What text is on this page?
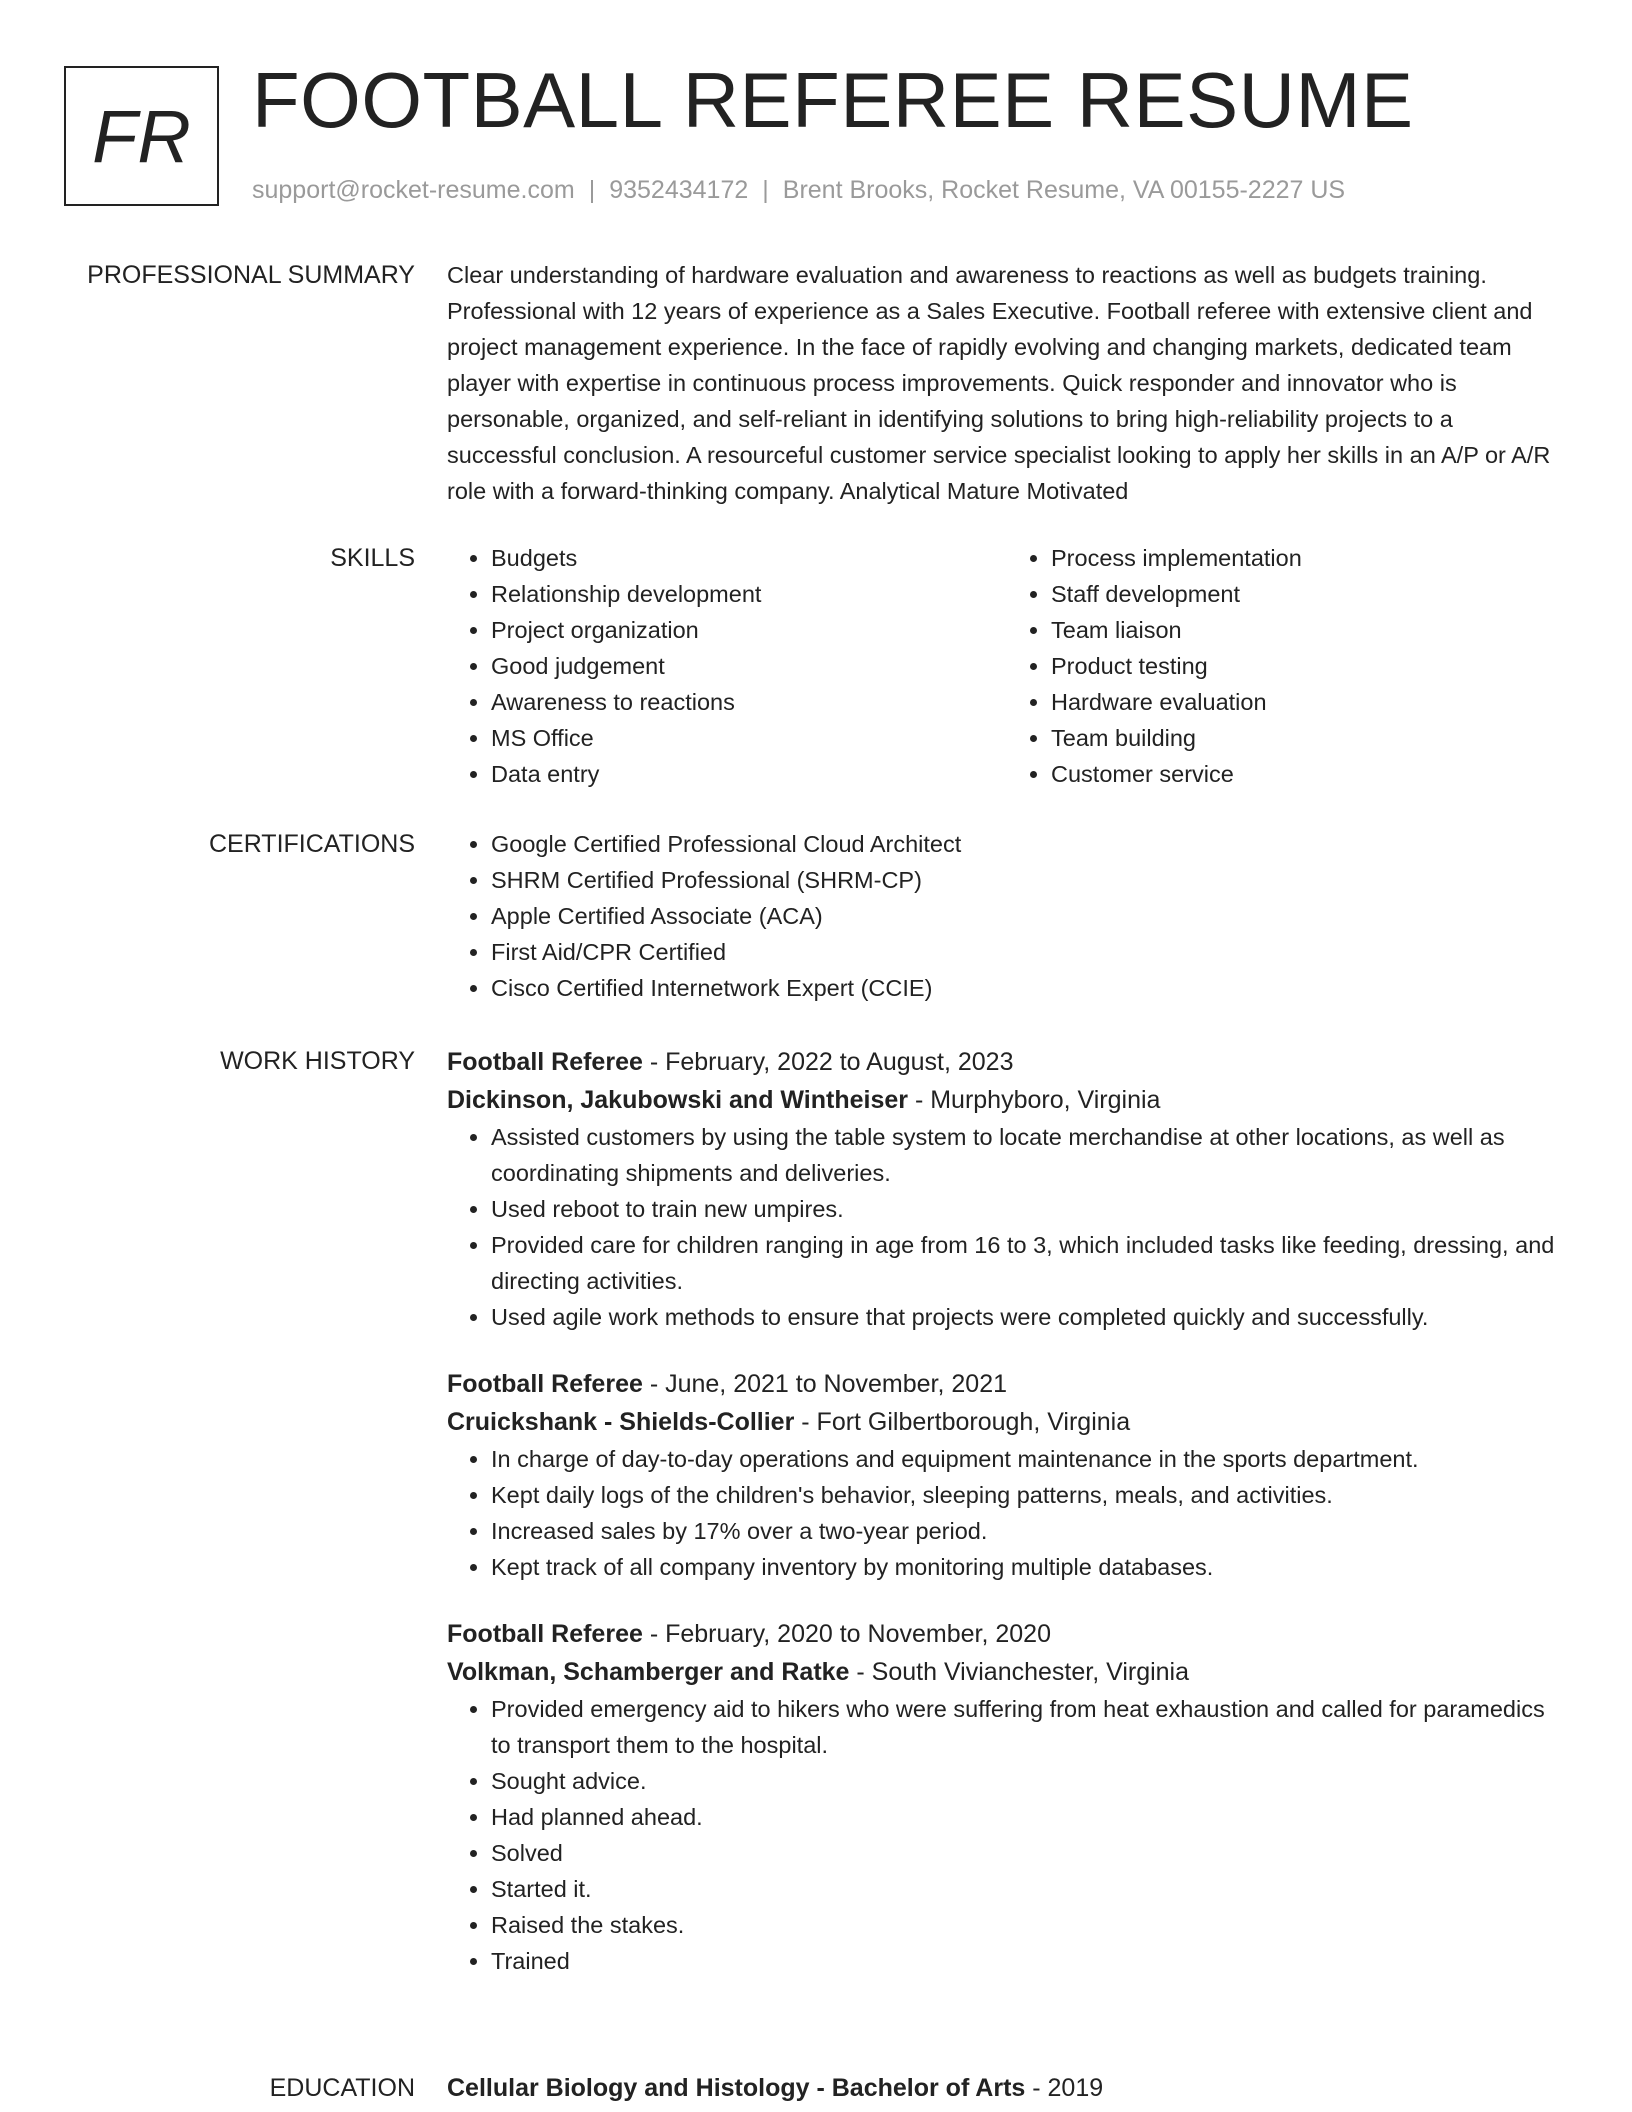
FR FOOTBALL REFEREE RESUME
support@rocket-resume.com | 9352434172 | Brent Brooks, Rocket Resume, VA 00155-2227 US
PROFESSIONAL SUMMARY Clear understanding of hardware evaluation and awareness to reactions as well as budgets training. Professional with 12 years of experience as a Sales Executive. Football referee with extensive client and project management experience. In the face of rapidly evolving and changing markets, dedicated team player with expertise in continuous process improvements. Quick responder and innovator who is personable, organized, and self-reliant in identifying solutions to bring high-reliability projects to a successful conclusion. A resourceful customer service specialist looking to apply her skills in an A/P or A/R role with a forward-thinking company. Analytical Mature Motivated

SKILLS	• Budgets
• Relationship development
• Project organization
• Good judgement
• Awareness to reactions
• MS Office
• Data entry
• Process implementation
• Staff development
• Team liaison
• Product testing
• Hardware evaluation
• Team building
• Customer service
CERTIFICATIONS	• Google Certified Professional Cloud Architect
• SHRM Certified Professional (SHRM-CP)
• Apple Certified Associate (ACA)
• First Aid/CPR Certified
• Cisco Certified Internetwork Expert (CCIE)
WORK HISTORY Football Referee - February, 2022 to August, 2023
Dickinson, Jakubowski and Wintheiser - Murphyboro, Virginia
• Assisted customers by using the table system to locate merchandise at other locations, as well as coordinating shipments and deliveries.
• Used reboot to train new umpires.
• Provided care for children ranging in age from 16 to 3, which included tasks like feeding, dressing, and directing activities.
• Used agile work methods to ensure that projects were completed quickly and successfully.
Football Referee - June, 2021 to November, 2021
Cruickshank - Shields-Collier - Fort Gilbertborough, Virginia
• In charge of day-to-day operations and equipment maintenance in the sports department.
• Kept daily logs of the children's behavior, sleeping patterns, meals, and activities.
• Increased sales by 17% over a two-year period.
• Kept track of all company inventory by monitoring multiple databases.
Football Referee - February, 2020 to November, 2020
Volkman, Schamberger and Ratke - South Vivianchester, Virginia
• Provided emergency aid to hikers who were suffering from heat exhaustion and called for paramedics to transport them to the hospital.
• Sought advice.
• Had planned ahead.
• Solved
• Started it.
• Raised the stakes.
• Trained
EDUCATION Cellular Biology and Histology - Bachelor of Arts - 2019
